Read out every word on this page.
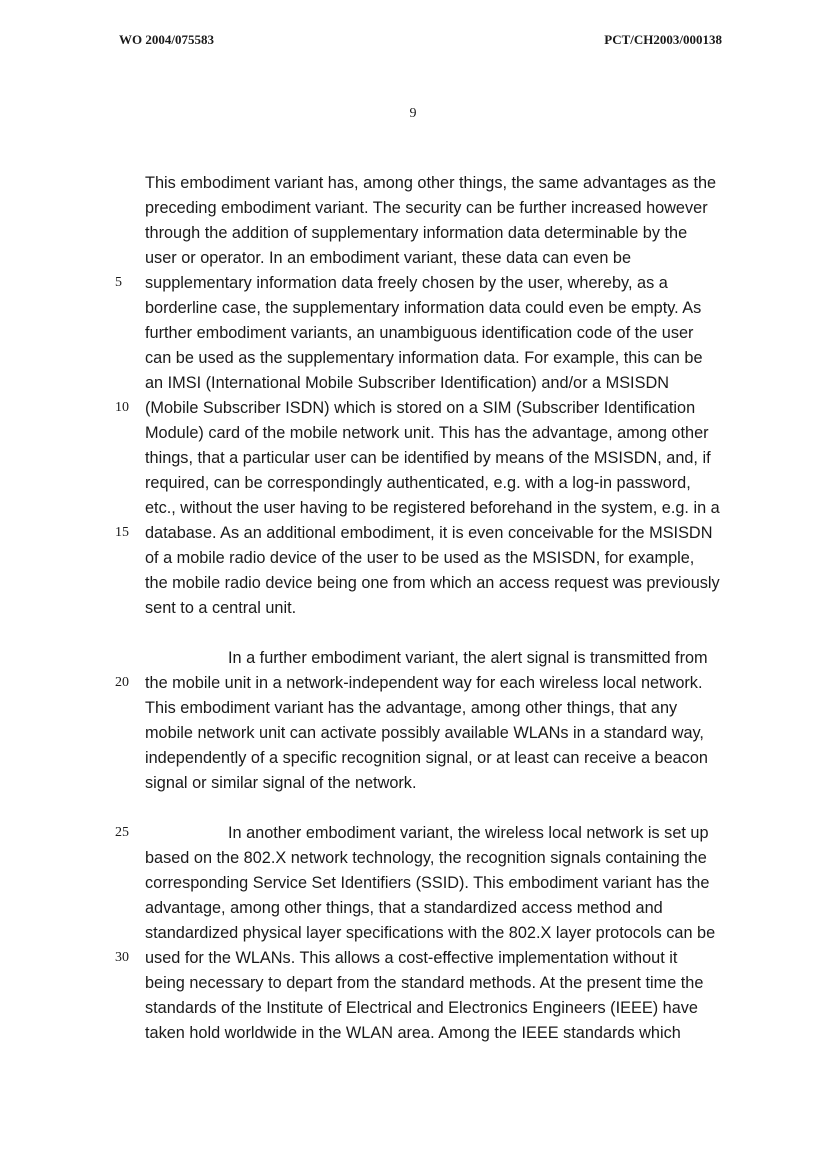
WO 2004/075583	PCT/CH2003/000138
9
This embodiment variant has, among other things, the same advantages as the
preceding embodiment variant. The security can be further increased however
through the addition of supplementary information data determinable by the
user or operator. In an embodiment variant, these data can even be
supplementary information data freely chosen by the user, whereby, as a
5
borderline case, the supplementary information data could even be empty. As
further embodiment variants, an unambiguous identification code of the user
can be used as the supplementary information data. For example, this can be
an IMSI (International Mobile Subscriber Identification) and/or a MSISDN
(Mobile Subscriber ISDN) which is stored on a SIM (Subscriber Identification
10
Module) card of the mobile network unit. This has the advantage, among other
things, that a particular user can be identified by means of the MSISDN, and, if
required, can be correspondingly authenticated, e.g. with a log-in password,
etc., without the user having to be registered beforehand in the system, e.g. in a
database. As an additional embodiment, it is even conceivable for the MSISDN
15
of a mobile radio device of the user to be used as the MSISDN, for example,
the mobile radio device being one from which an access request was previously
sent to a central unit.
In a further embodiment variant, the alert signal is transmitted from
the mobile unit in a network-independent way for each wireless local network.
20
This embodiment variant has the advantage, among other things, that any
mobile network unit can activate possibly available WLANs in a standard way,
independently of a specific recognition signal, or at least can receive a beacon
signal or similar signal of the network.
In another embodiment variant, the wireless local network is set up
25
based on the 802.X network technology, the recognition signals containing the
corresponding Service Set Identifiers (SSID). This embodiment variant has the
advantage, among other things, that a standardized access method and
standardized physical layer specifications with the 802.X layer protocols can be
used for the WLANs. This allows a cost-effective implementation without it
30
being necessary to depart from the standard methods. At the present time the
standards of the Institute of Electrical and Electronics Engineers (IEEE) have
taken hold worldwide in the WLAN area. Among the IEEE standards which
